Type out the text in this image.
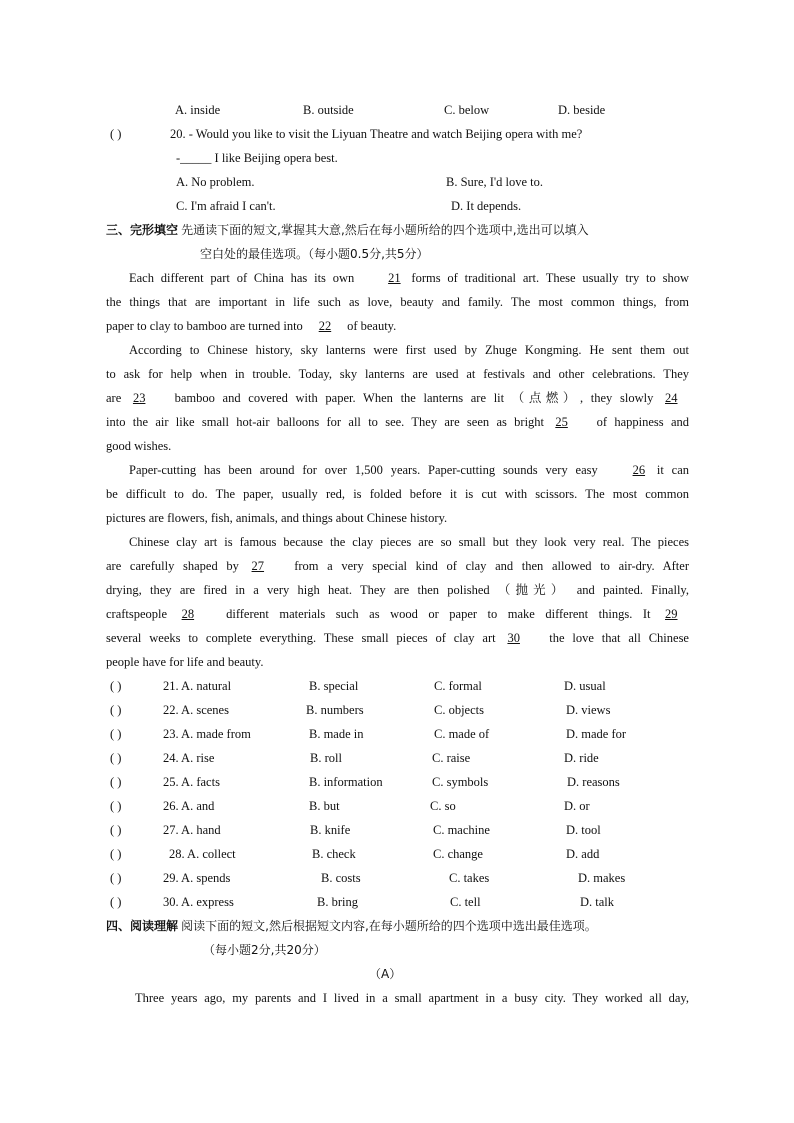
A. inside	B. outside	C. below	D. beside
( )	20. - Would you like to visit the Liyuan Theatre and watch Beijing opera with me?
-_____ I like Beijing opera best.
A. No problem.	B. Sure, I'd love to.
C. I'm afraid I can't.	D. It depends.
三、完形填空 先通读下面的短文,掌握其大意,然后在每小题所给的四个选项中,选出可以填入
空白处的最佳选项。（每小题0.5分,共5分）
Each different part of China has its own 21 forms of traditional art. These usually try to show
the things that are important in life such as love, beauty and family. The most common things, from
paper to clay to bamboo are turned into 22 of beauty.
According to Chinese history, sky lanterns were first used by Zhuge Kongming. He sent them out
to ask for help when in trouble. Today, sky lanterns are used at festivals and other celebrations. They
are 23 bamboo and covered with paper. When the lanterns are lit （点燃）, they slowly 24
into the air like small hot-air balloons for all to see. They are seen as bright 25 of happiness and
good wishes.
Paper-cutting has been around for over 1,500 years. Paper-cutting sounds very easy 26 it can
be difficult to do. The paper, usually red, is folded before it is cut with scissors. The most common
pictures are flowers, fish, animals, and things about Chinese history.
Chinese clay art is famous because the clay pieces are so small but they look very real. The pieces
are carefully shaped by 27 from a very special kind of clay and then allowed to air-dry. After
drying, they are fired in a very high heat. They are then polished （抛光） and painted. Finally,
craftspeople 28 different materials such as wood or paper to make different things. It 29
several weeks to complete everything. These small pieces of clay art 30 the love that all Chinese
people have for life and beauty.
( )	21. A. natural	B. special	C. formal	D. usual
( )	22. A. scenes	B. numbers	C. objects	D. views
( )	23. A. made from	B. made in	C. made of	D. made for
( )	24. A. rise	B. roll	C. raise	D. ride
( )	25. A. facts	B. information	C. symbols	D. reasons
( )	26. A. and	B. but	C. so	D. or
( )	27. A. hand	B. knife	C. machine	D. tool
( )	28. A. collect	B. check	C. change	D. add
( )	29. A. spends	B. costs	C. takes	D. makes
( )	30. A. express	B. bring	C. tell	D. talk
四、阅读理解 阅读下面的短文,然后根据短文内容,在每小题所给的四个选项中选出最佳选项。
（每小题2分,共20分）
（A）
Three years ago, my parents and I lived in a small apartment in a busy city. They worked all day,
